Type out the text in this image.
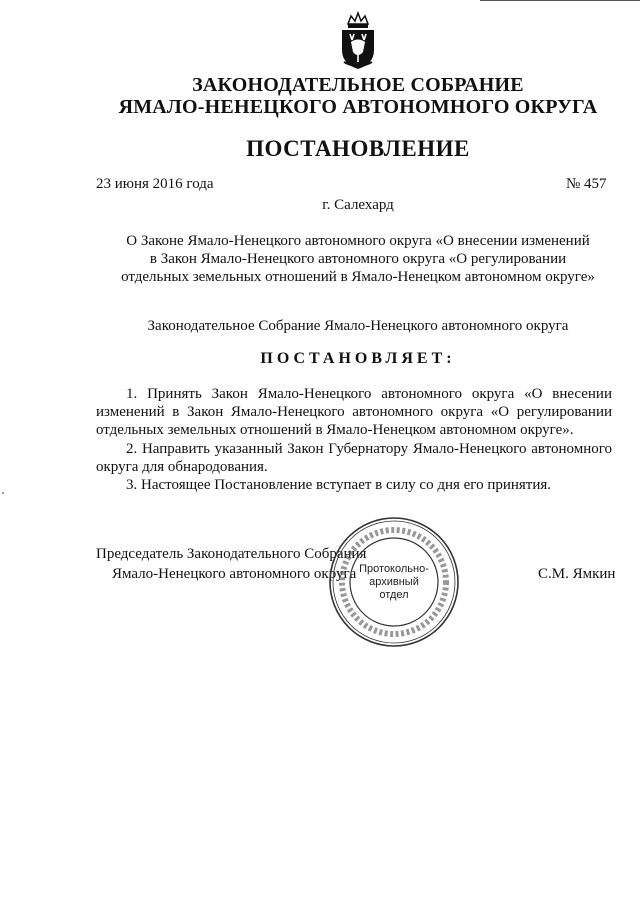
ЗАКОНОДАТЕЛЬНОЕ СОБРАНИЕ
ЯМАЛО-НЕНЕЦКОГО АВТОНОМНОГО ОКРУГА
ПОСТАНОВЛЕНИЕ
23 июня 2016 года	№ 457
г. Салехард
О Законе Ямало-Ненецкого автономного округа «О внесении изменений
в Закон Ямало-Ненецкого автономного округа «О регулировании
отдельных земельных отношений в Ямало-Ненецком автономном округе»
Законодательное Собрание Ямало-Ненецкого автономного округа
ПОСТАНОВЛЯЕТ:
1. Принять Закон Ямало-Ненецкого автономного округа «О внесении изменений в Закон Ямало-Ненецкого автономного округа «О регулировании отдельных земельных отношений в Ямало-Ненецком автономном округе».
2. Направить указанный Закон Губернатору Ямало-Ненецкого автономного округа для обнародования.
3. Настоящее Постановление вступает в силу со дня его принятия.
Председатель Законодательного Собрания
Ямало-Ненецкого автономного округа	С.М. Ямкин
Протокольно-
архивный
отдел
